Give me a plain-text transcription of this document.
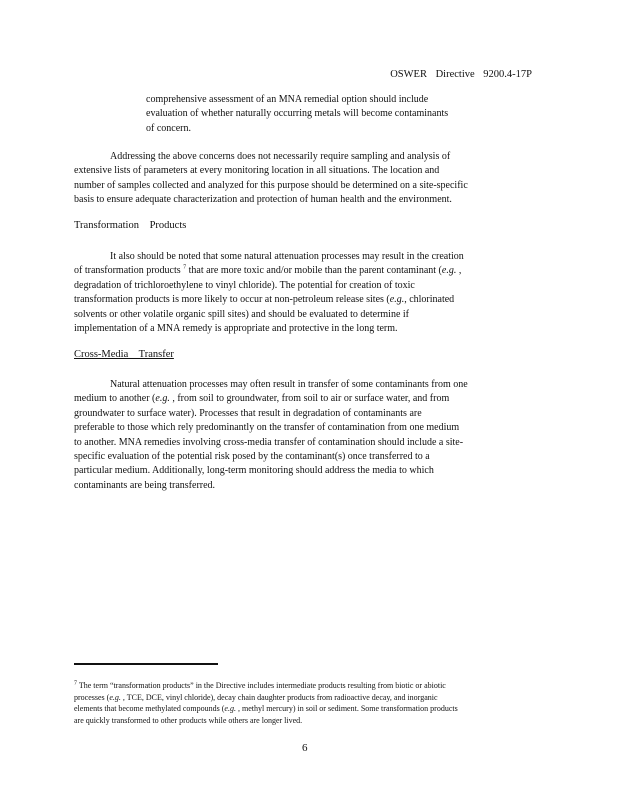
OSWER Directive 9200.4-17P
comprehensive assessment of an MNA remedial option should include
evaluation of whether naturally occurring metals will become contaminants
of concern.
Addressing the above concerns does not necessarily require sampling and analysis of
extensive lists of parameters at every monitoring location in all situations. The location and
number of samples collected and analyzed for this purpose should be determined on a site-specific
basis to ensure adequate characterization and protection of human health and the environment.
Transformation Products
It also should be noted that some natural attenuation processes may result in the creation
of transformation products $^7$ that are more toxic and/or mobile than the parent contaminant (e.g. ,
degradation of trichloroethylene to vinyl chloride). The potential for creation of toxic
transformation products is more likely to occur at non-petroleum release sites (e.g., chlorinated
solvents or other volatile organic spill sites) and should be evaluated to determine if
implementation of a MNA remedy is appropriate and protective in the long term.
Cross-Media Transfer
Natural attenuation processes may often result in transfer of some contaminants from one
medium to another (e.g. , from soil to groundwater, from soil to air or surface water, and from
groundwater to surface water). Processes that result in degradation of contaminants are
preferable to those which rely predominantly on the transfer of contamination from one medium
to another. MNA remedies involving cross-media transfer of contamination should include a site-
specific evaluation of the potential risk posed by the contaminant(s) once transferred to a
particular medium. Additionally, long-term monitoring should address the media to which
contaminants are being transferred.
$^7$ The term “transformation products” in the Directive includes intermediate products resulting from biotic or abiotic
processes (e.g. , TCE, DCE, vinyl chloride), decay chain daughter products from radioactive decay, and inorganic
elements that become methylated compounds (e.g. , methyl mercury) in soil or sediment. Some transformation products
are quickly transformed to other products while others are longer lived.
6
